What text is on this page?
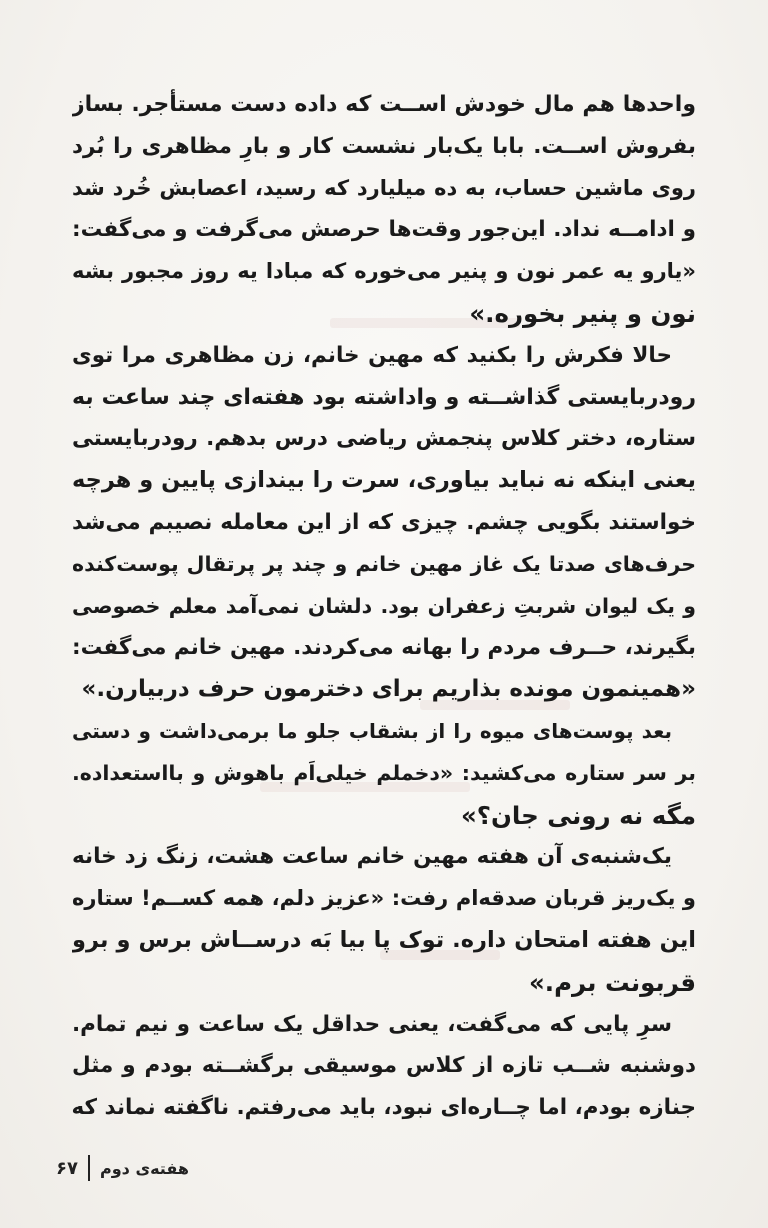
واحدها هم مال خودش اســت که داده دست مستأجر. بساز
بفروش اســت. بابا یک‌بار نشست کار و بارِ مظاهری را بُرد
روی ماشین حساب، به ده میلیارد که رسید، اعصابش خُرد شد
و ادامــه نداد. این‌جور وقت‌ها حرصش می‌گرفت و می‌گفت:
«یارو یه عمر نون و پنیر می‌خوره که مبادا یه روز مجبور بشه
نون و پنیر بخوره.»
حالا فکرش را بکنید که مهین خانم، زن مظاهری مرا توی
رودربایستی گذاشــته و واداشته بود هفته‌ای چند ساعت به
ستاره، دختر کلاس پنجمش ریاضی درس بدهم. رودربایستی
یعنی اینکه نه نباید بیاوری، سرت را بیندازی پایین و هرچه
خواستند بگویی چشم. چیزی که از این معامله نصیبم می‌شد
حرف‌های صدتا یک غاز مهین خانم و چند پر پرتقال پوست‌کنده
و یک لیوان شربتِ زعفران بود. دلشان نمی‌آمد معلم خصوصی
بگیرند، حــرف مردم را بهانه می‌کردند. مهین خانم می‌گفت:
«همینمون مونده بذاریم برای دخترمون حرف دربیارن.»
بعد پوست‌های میوه را از بشقاب جلو ما برمی‌داشت و دستی
بر سر ستاره می‌کشید: «دخملم خیلی‌اَم باهوش و بااستعداده.
مگه نه رونی جان؟»
یک‌شنبه‌ی آن هفته مهین خانم ساعت هشت، زنگ زد خانه
و یک‌ریز قربان صدقه‌ام رفت: «عزیز دلم، همه کســم! ستاره
این هفته امتحان داره. توک پا بیا بَه درســاش برس و برو
قربونت برم.»
سرِ پایی که می‌گفت، یعنی حداقل یک ساعت و نیم تمام.
دوشنبه شــب تازه از کلاس موسیقی برگشــته بودم و مثل
جنازه بودم، اما چــاره‌ای نبود، باید می‌رفتم. ناگفته نماند که
۶۷ هفته‌ی دوم
